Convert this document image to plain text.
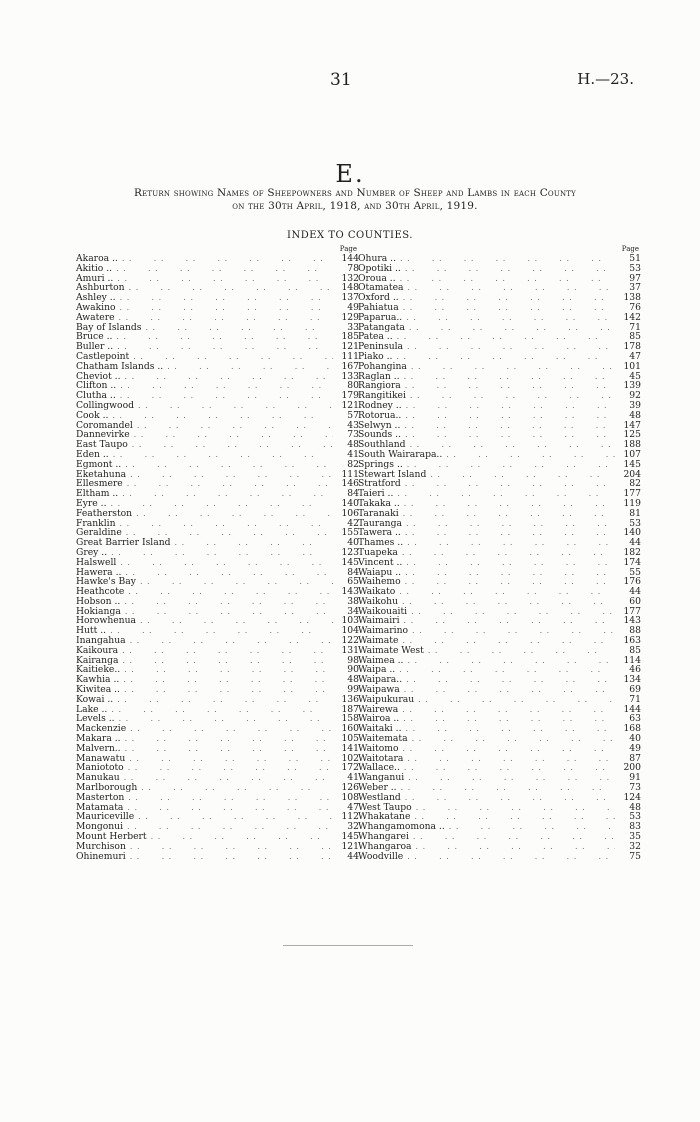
31	H.—23.
E.
Return showing Names of Sheepowners and Number of Sheep and Lambs in each County
on the 30th April, 1918, and 30th April, 1919.
INDEX TO COUNTIES.
Page
Akaroa .. . .	144
Akitio .. . .	78
Amuri .. . .	132
Ashburton . .	148
Ashley .. . .	137
Awakino . .	49
Awatere . .	129
Bay of Islands . .	33
Bruce .. . .	185
Buller .. . .	121
Castlepoint . .	111
Chatham Islands .. . .	167
Cheviot .. . .	133
Clifton .. . .	80
Clutha .. . .	179
Collingwood . .	121
Cook .. . .	57
Coromandel . .	43
Dannevirke . .	73
East Taupo . .	48
Eden .. . .	41
Egmont .. . .	82
Eketahuna . .	111
Ellesmere . .	146
Eltham .. . .	84
Eyre .. . .	140
Featherston . .	106
Franklin . .	42
Geraldine . .	155
Great Barrier Island . .	40
Grey .. . .	123
Halswell . .	145
Hawera .. . .	84
Hawke's Bay . .	65
Heathcote . .	143
Hobson .. . .	38
Hokianga . .	34
Horowhenua . .	103
Hutt .. . .	104
Inangahua . .	122
Kaikoura . .	131
Kairanga . .	98
Kaitieke.. . .	90
Kawhia .. . .	48
Kiwitea .. . .	99
Kowai .. . .	136
Lake .. . .	187
Levels .. . .	158
Mackenzie . .	160
Makara .. . .	105
Malvern.. . .	141
Manawatu . .	102
Maniototo . .	172
Manukau . .	41
Marlborough . .	126
Masterton . .	108
Matamata . .	47
Mauriceville . .	112
Mongonui . .	32
Mount Herbert . .	145
Murchison . .	121
Ohinemuri . .	44
Page
Ohura .. . .	51
Opotiki .. . .	53
Oroua .. . .	97
Otamatea . .	37
Oxford .. . .	138
Pahiatua . .	76
Paparua.. . .	142
Patangata . .	71
Patea .. . .	85
Peninsula . .	178
Piako .. . .	47
Pohangina . .	101
Raglan .. . .	45
Rangiora . .	139
Rangitikei . .	92
Rodney .. . .	39
Rotorua.. . .	48
Selwyn .. . .	147
Sounds .. . .	125
Southland . .	188
South Wairarapa.. . .	107
Springs .. . .	145
Stewart Island . .	204
Stratford . .	82
Taieri .. . .	177
Takaka .. . .	119
Taranaki . .	81
Tauranga . .	53
Tawera .. . .	140
Thames .. . .	44
Tuapeka . .	182
Vincent .. . .	174
Waiapu .. . .	55
Waihemo . .	176
Waikato . .	44
Waikohu . .	60
Waikouaiti . .	177
Waimairi . .	143
Waimarino . .	88
Waimate . .	163
Waimate West . .	85
Waimea .. . .	114
Waipa .. . .	46
Waipara.. . .	134
Waipawa . .	69
Waipukurau . .	71
Wairewa . .	144
Wairoa .. . .	63
Waitaki .. . .	168
Waitemata . .	40
Waitomo . .	49
Waitotara . .	87
Wallace.. . .	200
Wanganui . .	91
Weber .. . .	73
Westland . .	124
West Taupo . .	48
Whakatane . .	53
Whangamomona .. . .	83
Whangarei . .	35
Whangaroa . .	32
Woodville . .	75
